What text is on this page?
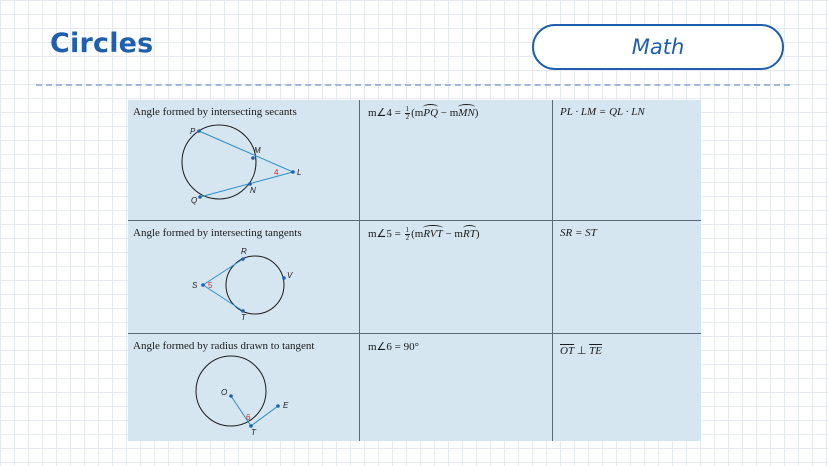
Circles	Math
Angle formed by intersecting secants	m∠4 = $\frac{1}{2} (mPQ - mMN)$	PL · LM = QL · LN
P
M
L
N
Q
4
Angle formed by intersecting tangents	m∠5 = $\frac{1}{2}$ (mRVT − mRT)	SR = ST
S
R
V
T
5
Angle formed by radius drawn to tangent	m∠6 = 90°	$\overline{OT}$ ⊥ $\overline{TE}$
O
E
T
6
